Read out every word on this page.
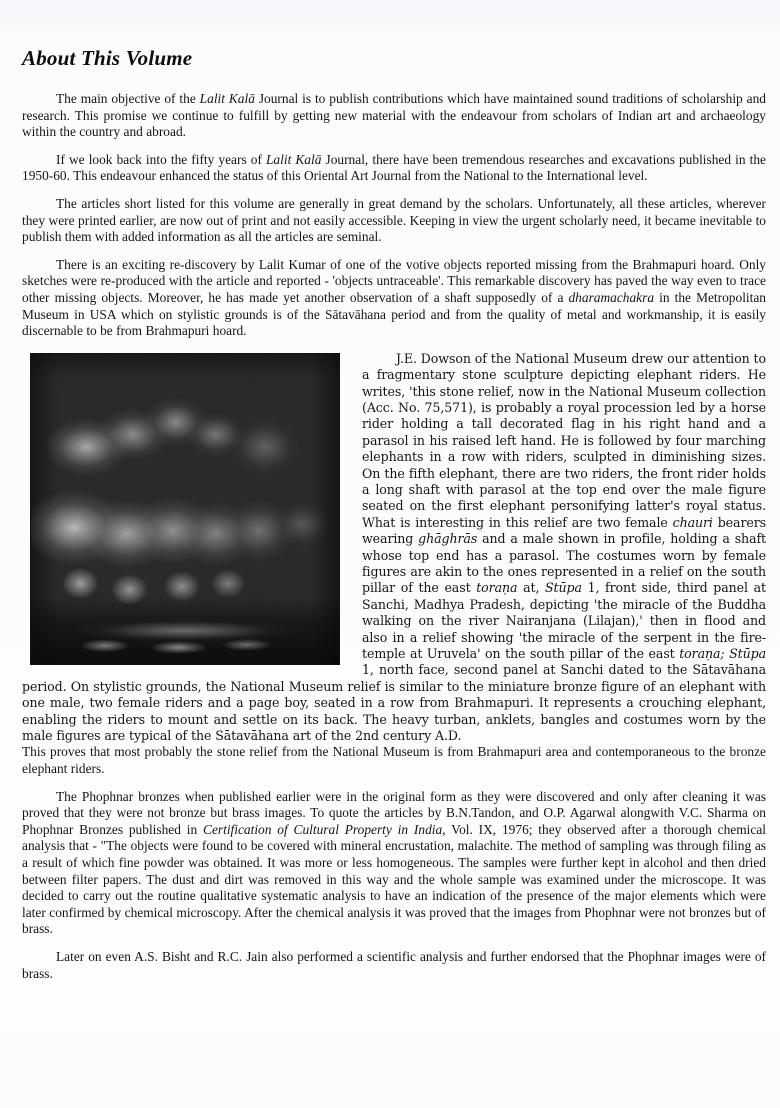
About This Volume

The main objective of the Lalit Kalā Journal is to publish contributions which have maintained sound traditions of scholarship and research. This promise we continue to fulfill by getting new material with the endeavour from scholars of Indian art and archaeology within the country and abroad.

If we look back into the fifty years of Lalit Kalā Journal, there have been tremendous researches and excavations published in the 1950-60. This endeavour enhanced the status of this Oriental Art Journal from the National to the International level.

The articles short listed for this volume are generally in great demand by the scholars. Unfortunately, all these articles, wherever they were printed earlier, are now out of print and not easily accessible. Keeping in view the urgent scholarly need, it became inevitable to publish them with added information as all the articles are seminal.

There is an exciting re-discovery by Lalit Kumar of one of the votive objects reported missing from the Brahmapuri hoard. Only sketches were re-produced with the article and reported - 'objects untraceable'. This remarkable discovery has paved the way even to trace other missing objects. Moreover, he has made yet another observation of a shaft supposedly of a dharamachakra in the Metropolitan Museum in USA which on stylistic grounds is of the Sātavāhana period and from the quality of metal and workmanship, it is easily discernable to be from Brahmapuri hoard.

J.E. Dowson of the National Museum drew our attention to a fragmentary stone sculpture depicting elephant riders. He writes, 'this stone relief, now in the National Museum collection (Acc. No. 75,571), is probably a royal procession led by a horse rider holding a tall decorated flag in his right hand and a parasol in his raised left hand. He is followed by four marching elephants in a row with riders, sculpted in diminishing sizes. On the fifth elephant, there are two riders, the front rider holds a long shaft with parasol at the top end over the male figure seated on the first elephant personifying latter's royal status. What is interesting in this relief are two female chauri bearers wearing ghāghrās and a male shown in profile, holding a shaft whose top end has a parasol. The costumes worn by female figures are akin to the ones represented in a relief on the south pillar of the east toraṇa at, Stūpa 1, front side, third panel at Sanchi, Madhya Pradesh, depicting 'the miracle of the Buddha walking on the river Nairanjana (Lilajan),' then in flood and also in a relief showing 'the miracle of the serpent in the fire-temple at Uruvela' on the south pillar of the east toraṇa; Stūpa 1, north face, second panel at Sanchi dated to the Sātavāhana period. On stylistic grounds, the National Museum relief is similar to the miniature bronze figure of an elephant with one male, two female riders and a page boy, seated in a row from Brahmapuri. It represents a crouching elephant, enabling the riders to mount and settle on its back. The heavy turban, anklets, bangles and costumes worn by the male figures are typical of the Sātavāhana art of the 2nd century A.D.

This proves that most probably the stone relief from the National Museum is from Brahmapuri area and contemporaneous to the bronze elephant riders.

The Phophnar bronzes when published earlier were in the original form as they were discovered and only after cleaning it was proved that they were not bronze but brass images. To quote the articles by B.N.Tandon, and O.P. Agarwal alongwith V.C. Sharma on Phophnar Bronzes published in Certification of Cultural Property in India, Vol. IX, 1976; they observed after a thorough chemical analysis that - "The objects were found to be covered with mineral encrustation, malachite. The method of sampling was through filing as a result of which fine powder was obtained. It was more or less homogeneous. The samples were further kept in alcohol and then dried between filter papers. The dust and dirt was removed in this way and the whole sample was examined under the microscope. It was decided to carry out the routine qualitative systematic analysis to have an indication of the presence of the major elements which were later confirmed by chemical microscopy. After the chemical analysis it was proved that the images from Phophnar were not bronzes but of brass.

Later on even A.S. Bisht and R.C. Jain also performed a scientific analysis and further endorsed that the Phophnar images were of brass.
